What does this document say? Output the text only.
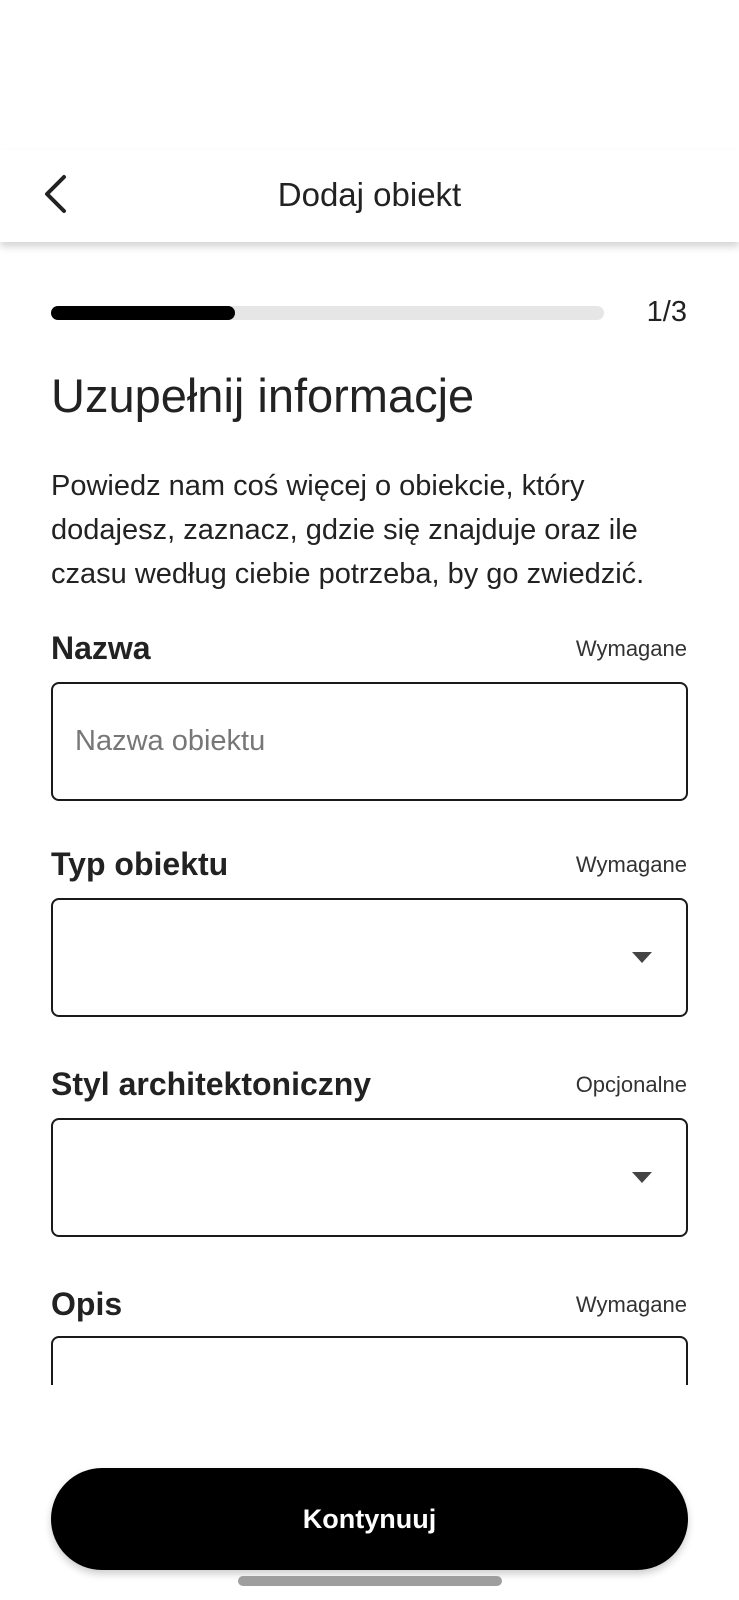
Dodaj obiekt
1/3
Uzupełnij informacje

Powiedz nam coś więcej o obiekcie, który dodajesz, zaznacz, gdzie się znajduje oraz ile czasu według ciebie potrzeba, by go zwiedzić.

Nazwa	Wymagane
Nazwa obiektu
Typ obiektu	Wymagane
Styl architektoniczny	Opcjonalne
Opis	Wymagane
Kontynuuj
